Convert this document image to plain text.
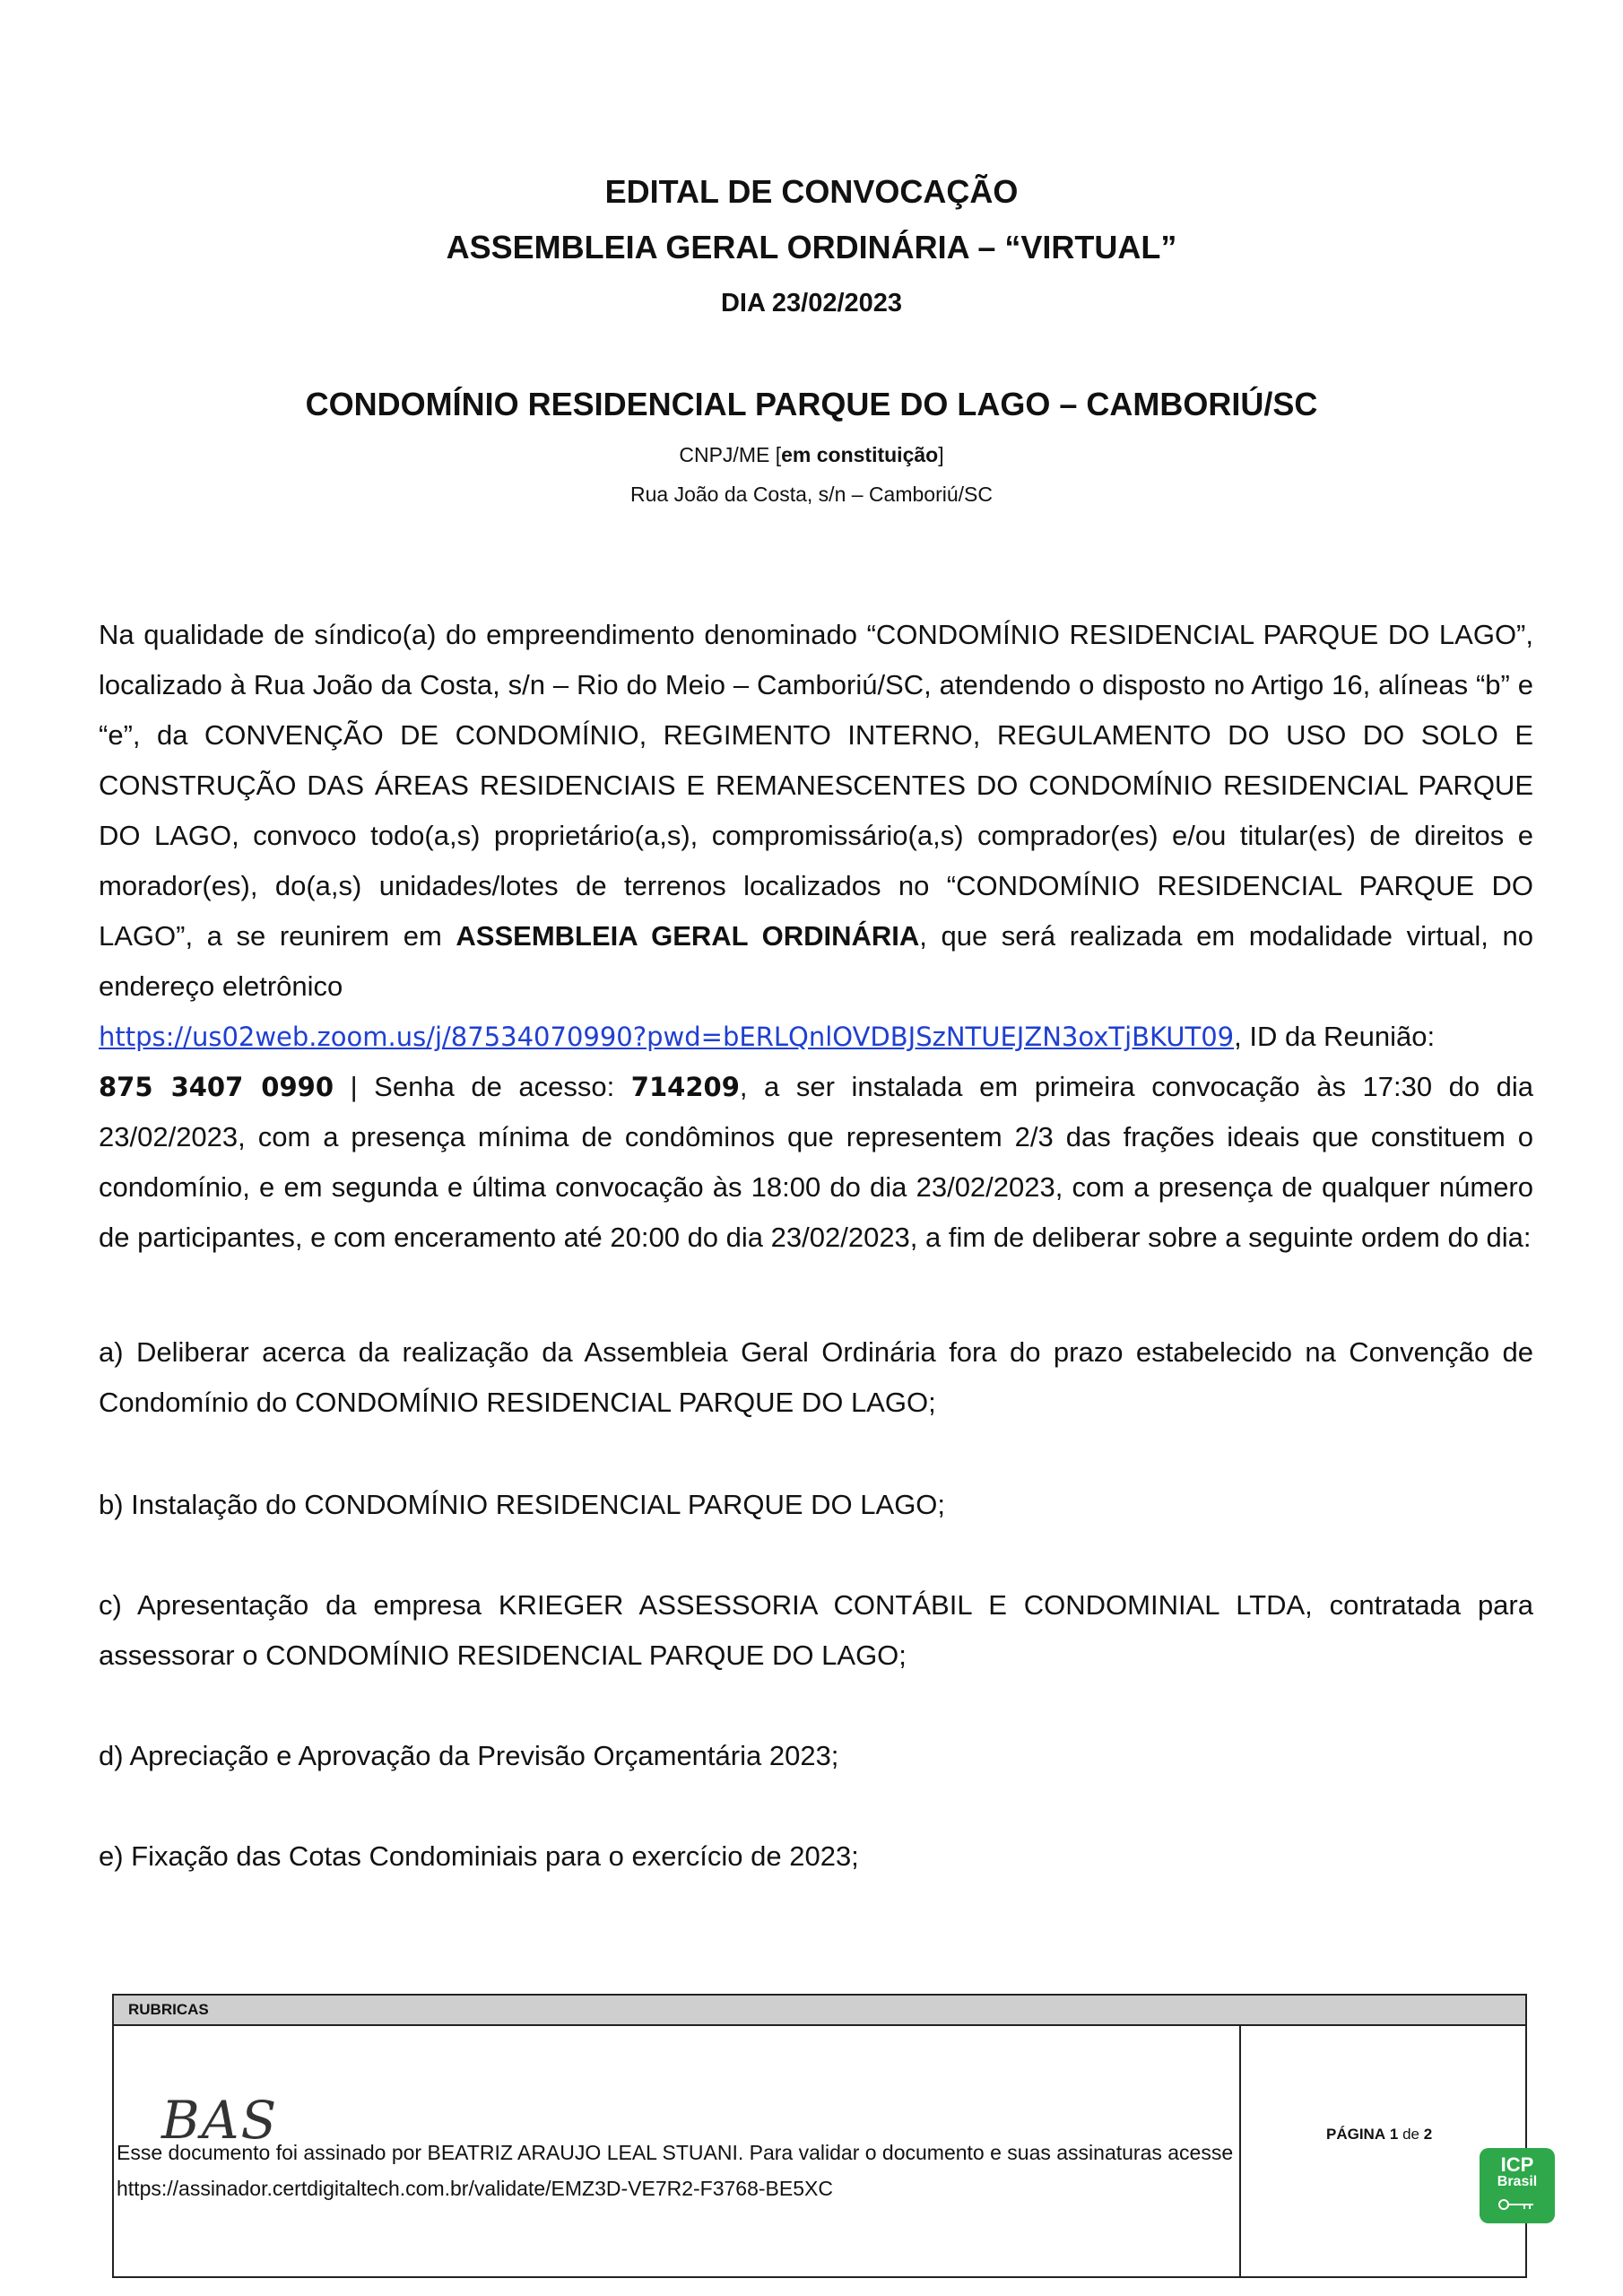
EDITAL DE CONVOCAÇÃO
ASSEMBLEIA GERAL ORDINÁRIA – “VIRTUAL”
DIA 23/02/2023
CONDOMÍNIO RESIDENCIAL PARQUE DO LAGO – CAMBORIÚ/SC
CNPJ/ME [em constituição]
Rua João da Costa, s/n – Camboriú/SC
Na qualidade de síndico(a) do empreendimento denominado “CONDOMÍNIO RESIDENCIAL PARQUE DO LAGO”, localizado à Rua João da Costa, s/n – Rio do Meio – Camboriú/SC, atendendo o disposto no Artigo 16, alíneas “b” e “e”, da CONVENÇÃO DE CONDOMÍNIO, REGIMENTO INTERNO, REGULAMENTO DO USO DO SOLO E CONSTRUÇÃO DAS ÁREAS RESIDENCIAIS E REMANESCENTES DO CONDOMÍNIO RESIDENCIAL PARQUE DO LAGO, convoco todo(a,s) proprietário(a,s), compromissário(a,s) comprador(es) e/ou titular(es) de direitos e morador(es), do(a,s) unidades/lotes de terrenos localizados no “CONDOMÍNIO RESIDENCIAL PARQUE DO LAGO”, a se reunirem em ASSEMBLEIA GERAL ORDINÁRIA, que será realizada em modalidade virtual, no endereço eletrônico
https://us02web.zoom.us/j/87534070990?pwd=bERLQnlOVDBJSzNTUEJZN3oxTjBKUT09, ID da Reunião:
875 3407 0990 | Senha de acesso: 714209, a ser instalada em primeira convocação às 17:30 do dia 23/02/2023, com a presença mínima de condôminos que representem 2/3 das frações ideais que constituem o condomínio, e em segunda e última convocação às 18:00 do dia 23/02/2023, com a presença de qualquer número de participantes, e com enceramento até 20:00 do dia 23/02/2023, a fim de deliberar sobre a seguinte ordem do dia:
a) Deliberar acerca da realização da Assembleia Geral Ordinária fora do prazo estabelecido na Convenção de Condomínio do CONDOMÍNIO RESIDENCIAL PARQUE DO LAGO;
b) Instalação do CONDOMÍNIO RESIDENCIAL PARQUE DO LAGO;
c) Apresentação da empresa KRIEGER ASSESSORIA CONTÁBIL E CONDOMINIAL LTDA, contratada para assessorar o CONDOMÍNIO RESIDENCIAL PARQUE DO LAGO;
d) Apreciação e Aprovação da Previsão Orçamentária 2023;
e) Fixação das Cotas Condominiais para o exercício de 2023;
RUBRICAS
PÁGINA 1 de 2
BAS
Esse documento foi assinado por BEATRIZ ARAUJO LEAL STUANI. Para validar o documento e suas assinaturas acesse
https://assinador.certdigitaltech.com.br/validate/EMZ3D-VE7R2-F3768-BE5XC
ICP
Brasil
